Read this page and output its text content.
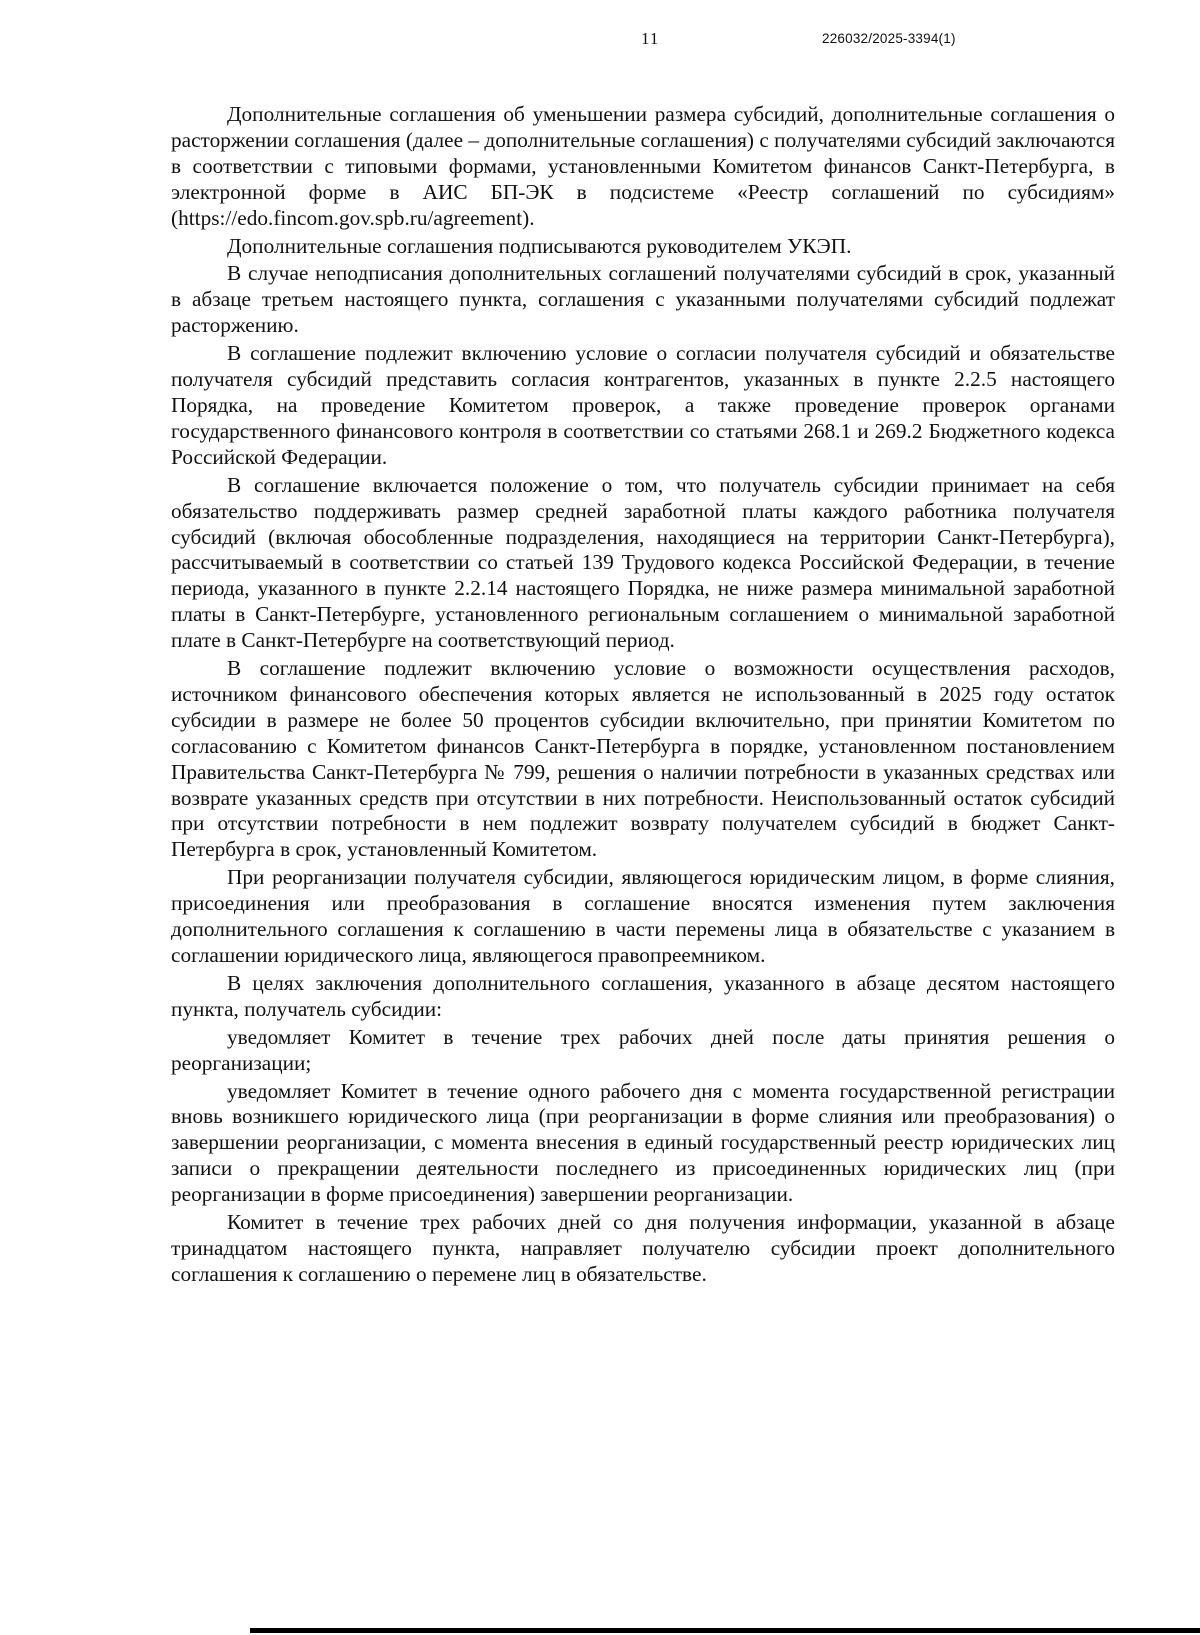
11	226032/2025-3394(1)

Дополнительные соглашения об уменьшении размера субсидий, дополнительные соглашения о расторжении соглашения (далее – дополнительные соглашения) с получателями субсидий заключаются в соответствии с типовыми формами, установленными Комитетом финансов Санкт-Петербурга, в электронной форме в АИС БП-ЭК в подсистеме «Реестр соглашений по субсидиям» (https://edo.fincom.gov.spb.ru/agreement).

Дополнительные соглашения подписываются руководителем УКЭП.

В случае неподписания дополнительных соглашений получателями субсидий в срок, указанный в абзаце третьем настоящего пункта, соглашения с указанными получателями субсидий подлежат расторжению.

В соглашение подлежит включению условие о согласии получателя субсидий и обязательстве получателя субсидий представить согласия контрагентов, указанных в пункте 2.2.5 настоящего Порядка, на проведение Комитетом проверок, а также проведение проверок органами государственного финансового контроля в соответствии со статьями 268.1 и 269.2 Бюджетного кодекса Российской Федерации.

В соглашение включается положение о том, что получатель субсидии принимает на себя обязательство поддерживать размер средней заработной платы каждого работника получателя субсидий (включая обособленные подразделения, находящиеся на территории Санкт-Петербурга), рассчитываемый в соответствии со статьей 139 Трудового кодекса Российской Федерации, в течение периода, указанного в пункте 2.2.14 настоящего Порядка, не ниже размера минимальной заработной платы в Санкт-Петербурге, установленного региональным соглашением о минимальной заработной плате в Санкт-Петербурге на соответствующий период.

В соглашение подлежит включению условие о возможности осуществления расходов, источником финансового обеспечения которых является не использованный в 2025 году остаток субсидии в размере не более 50 процентов субсидии включительно, при принятии Комитетом по согласованию с Комитетом финансов Санкт-Петербурга в порядке, установленном постановлением Правительства Санкт-Петербурга № 799, решения о наличии потребности в указанных средствах или возврате указанных средств при отсутствии в них потребности. Неиспользованный остаток субсидий при отсутствии потребности в нем подлежит возврату получателем субсидий в бюджет Санкт-Петербурга в срок, установленный Комитетом.

При реорганизации получателя субсидии, являющегося юридическим лицом, в форме слияния, присоединения или преобразования в соглашение вносятся изменения путем заключения дополнительного соглашения к соглашению в части перемены лица в обязательстве с указанием в соглашении юридического лица, являющегося правопреемником.

В целях заключения дополнительного соглашения, указанного в абзаце десятом настоящего пункта, получатель субсидии:

уведомляет Комитет в течение трех рабочих дней после даты принятия решения о реорганизации;

уведомляет Комитет в течение одного рабочего дня с момента государственной регистрации вновь возникшего юридического лица (при реорганизации в форме слияния или преобразования) о завершении реорганизации, с момента внесения в единый государственный реестр юридических лиц записи о прекращении деятельности последнего из присоединенных юридических лиц (при реорганизации в форме присоединения) завершении реорганизации.

Комитет в течение трех рабочих дней со дня получения информации, указанной в абзаце тринадцатом настоящего пункта, направляет получателю субсидии проект дополнительного соглашения к соглашению о перемене лиц в обязательстве.
